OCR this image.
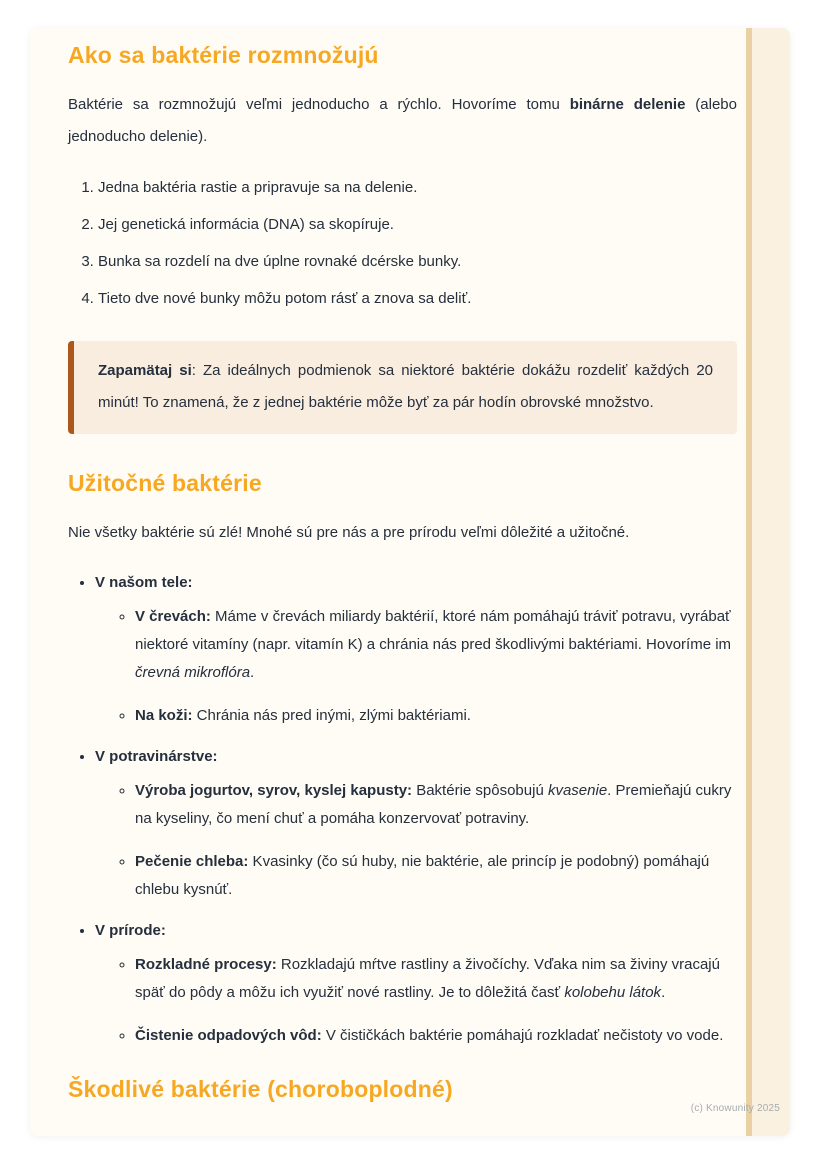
Ako sa baktérie rozmnožujú

Baktérie sa rozmnožujú veľmi jednoducho a rýchlo. Hovoríme tomu binárne delenie (alebo jednoducho delenie).

1. Jedna baktéria rastie a pripravuje sa na delenie.
2. Jej genetická informácia (DNA) sa skopíruje.
3. Bunka sa rozdelí na dve úplne rovnaké dcérske bunky.
4. Tieto dve nové bunky môžu potom rásť a znova sa deliť.
Zapamätaj si: Za ideálnych podmienok sa niektoré baktérie dokážu rozdeliť každých 20 minút! To znamená, že z jednej baktérie môže byť za pár hodín obrovské množstvo.
Užitočné baktérie

Nie všetky baktérie sú zlé! Mnohé sú pre nás a pre prírodu veľmi dôležité a užitočné.

• V našom tele:
◦ V črevách: Máme v črevách miliardy baktérií, ktoré nám pomáhajú tráviť potravu, vyrábať niektoré vitamíny (napr. vitamín K) a chránia nás pred škodlivými baktériami. Hovoríme im črevná mikroflóra.
◦ Na koži: Chránia nás pred inými, zlými baktériami.
• V potravinárstve:
◦ Výroba jogurtov, syrov, kyslej kapusty: Baktérie spôsobujú kvasenie. Premieňajú cukry na kyseliny, čo mení chuť a pomáha konzervovať potraviny.
◦ Pečenie chleba: Kvasinky (čo sú huby, nie baktérie, ale princíp je podobný) pomáhajú chlebu kysnúť.
• V prírode:
◦ Rozkladné procesy: Rozkladajú mŕtve rastliny a živočíchy. Vďaka nim sa živiny vracajú späť do pôdy a môžu ich využiť nové rastliny. Je to dôležitá časť kolobehu látok.
◦ Čistenie odpadových vôd: V čističkách baktérie pomáhajú rozkladať nečistoty vo vode.
Škodlivé baktérie (choroboplodné)
(c) Knowunity 2025
